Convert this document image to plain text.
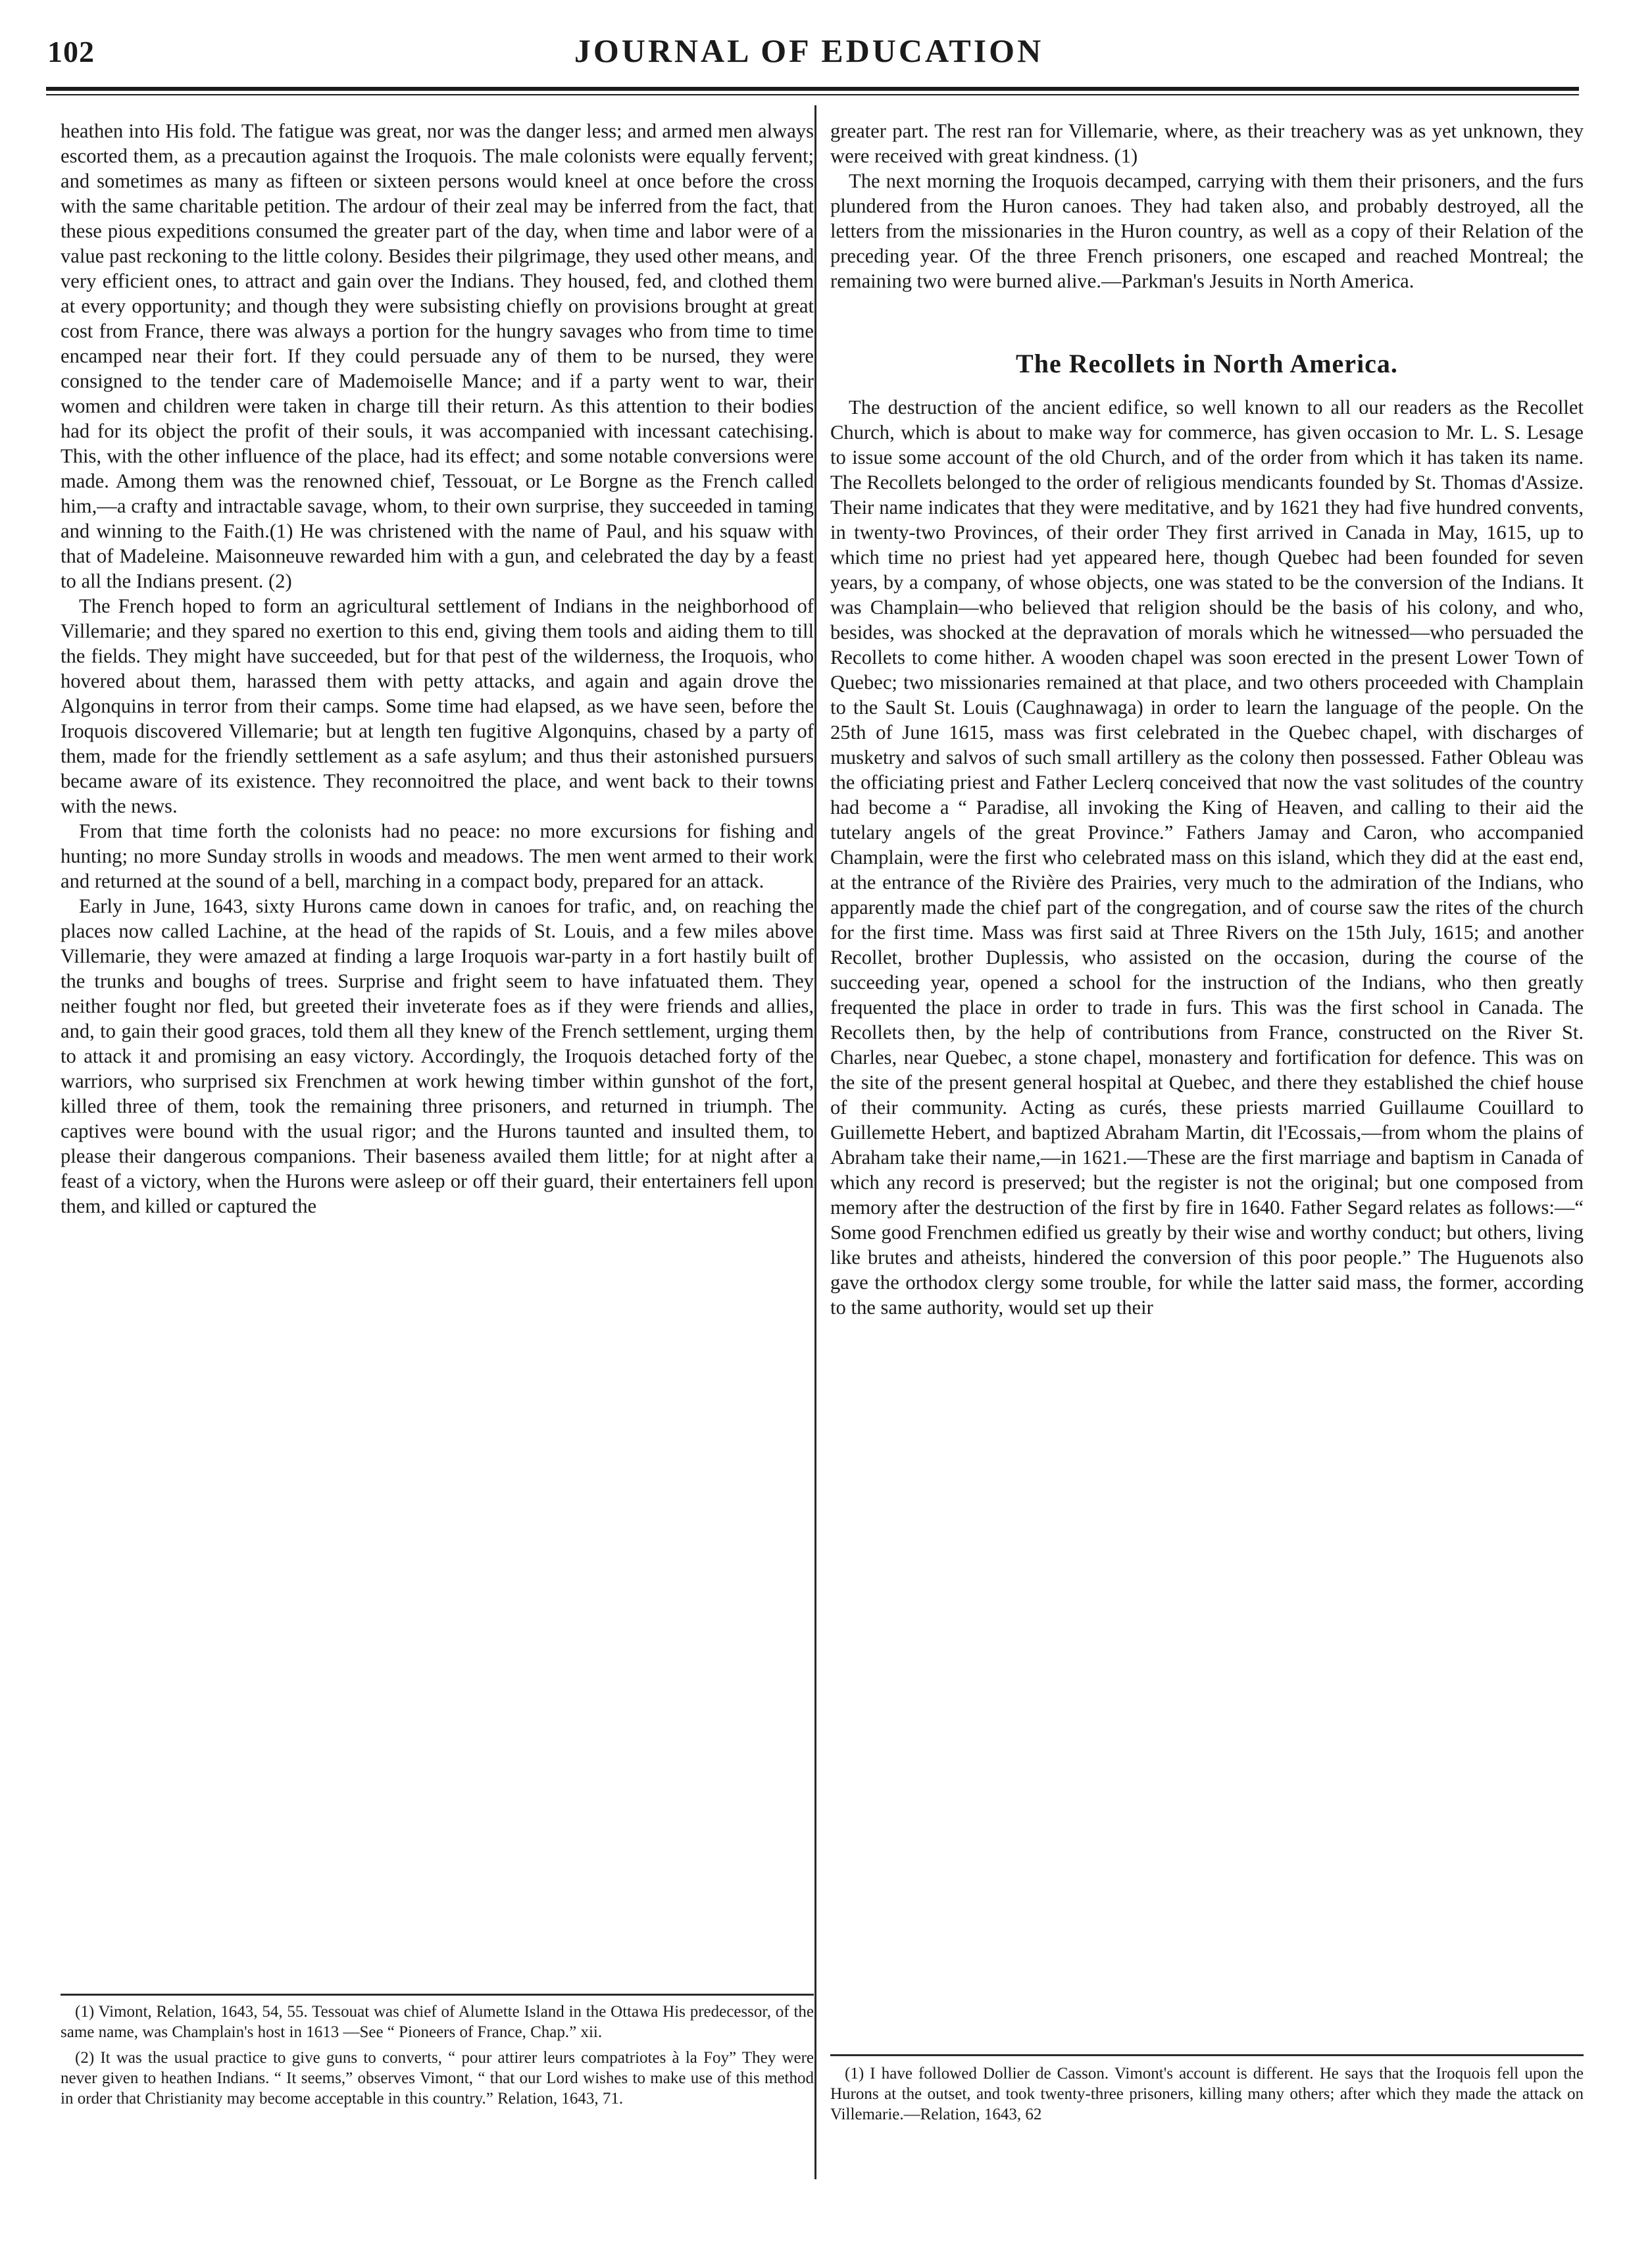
102	JOURNAL OF EDUCATION

heathen into His fold. The fatigue was great, nor was the danger less; and armed men always escorted them, as a precaution against the Iroquois. The male colonists were equally fervent; and sometimes as many as fifteen or sixteen persons would kneel at once before the cross with the same charitable petition. The ardour of their zeal may be inferred from the fact, that these pious expeditions consumed the greater part of the day, when time and labor were of a value past reckoning to the little colony. Besides their pilgrimage, they used other means, and very efficient ones, to attract and gain over the Indians. They housed, fed, and clothed them at every opportunity; and though they were subsisting chiefly on provisions brought at great cost from France, there was always a portion for the hungry savages who from time to time encamped near their fort. If they could persuade any of them to be nursed, they were consigned to the tender care of Mademoiselle Mance; and if a party went to war, their women and children were taken in charge till their return. As this attention to their bodies had for its object the profit of their souls, it was accompanied with incessant catechising. This, with the other influence of the place, had its effect; and some notable conversions were made. Among them was the renowned chief, Tessouat, or Le Borgne as the French called him,—a crafty and intractable savage, whom, to their own surprise, they succeeded in taming and winning to the Faith.(1) He was christened with the name of Paul, and his squaw with that of Madeleine. Maisonneuve rewarded him with a gun, and celebrated the day by a feast to all the Indians present. (2)

The French hoped to form an agricultural settlement of Indians in the neighborhood of Villemarie; and they spared no exertion to this end, giving them tools and aiding them to till the fields. They might have succeeded, but for that pest of the wilderness, the Iroquois, who hovered about them, harassed them with petty attacks, and again and again drove the Algonquins in terror from their camps. Some time had elapsed, as we have seen, before the Iroquois discovered Villemarie; but at length ten fugitive Algonquins, chased by a party of them, made for the friendly settlement as a safe asylum; and thus their astonished pursuers became aware of its existence. They reconnoitred the place, and went back to their towns with the news.

From that time forth the colonists had no peace: no more excursions for fishing and hunting; no more Sunday strolls in woods and meadows. The men went armed to their work and returned at the sound of a bell, marching in a compact body, prepared for an attack.

Early in June, 1643, sixty Hurons came down in canoes for trafic, and, on reaching the places now called Lachine, at the head of the rapids of St. Louis, and a few miles above Villemarie, they were amazed at finding a large Iroquois war-party in a fort hastily built of the trunks and boughs of trees. Surprise and fright seem to have infatuated them. They neither fought nor fled, but greeted their inveterate foes as if they were friends and allies, and, to gain their good graces, told them all they knew of the French settlement, urging them to attack it and promising an easy victory. Accordingly, the Iroquois detached forty of the warriors, who surprised six Frenchmen at work hewing timber within gunshot of the fort, killed three of them, took the remaining three prisoners, and returned in triumph. The captives were bound with the usual rigor; and the Hurons taunted and insulted them, to please their dangerous companions. Their baseness availed them little; for at night after a feast of a victory, when the Hurons were asleep or off their guard, their entertainers fell upon them, and killed or captured the

greater part. The rest ran for Villemarie, where, as their treachery was as yet unknown, they were received with great kindness. (1)

The next morning the Iroquois decamped, carrying with them their prisoners, and the furs plundered from the Huron canoes. They had taken also, and probably destroyed, all the letters from the missionaries in the Huron country, as well as a copy of their Relation of the preceding year. Of the three French prisoners, one escaped and reached Montreal; the remaining two were burned alive.—Parkman's Jesuits in North America.

The Recollets in North America.

The destruction of the ancient edifice, so well known to all our readers as the Recollet Church, which is about to make way for commerce, has given occasion to Mr. L. S. Lesage to issue some account of the old Church, and of the order from which it has taken its name. The Recollets belonged to the order of religious mendicants founded by St. Thomas d'Assize. Their name indicates that they were meditative, and by 1621 they had five hundred convents, in twenty-two Provinces, of their order They first arrived in Canada in May, 1615, up to which time no priest had yet appeared here, though Quebec had been founded for seven years, by a company, of whose objects, one was stated to be the conversion of the Indians. It was Champlain—who believed that religion should be the basis of his colony, and who, besides, was shocked at the depravation of morals which he witnessed—who persuaded the Recollets to come hither. A wooden chapel was soon erected in the present Lower Town of Quebec; two missionaries remained at that place, and two others proceeded with Champlain to the Sault St. Louis (Caughnawaga) in order to learn the language of the people. On the 25th of June 1615, mass was first celebrated in the Quebec chapel, with discharges of musketry and salvos of such small artillery as the colony then possessed. Father Obleau was the officiating priest and Father Leclerq conceived that now the vast solitudes of the country had become a “ Paradise, all invoking the King of Heaven, and calling to their aid the tutelary angels of the great Province.” Fathers Jamay and Caron, who accompanied Champlain, were the first who celebrated mass on this island, which they did at the east end, at the entrance of the Rivière des Prairies, very much to the admiration of the Indians, who apparently made the chief part of the congregation, and of course saw the rites of the church for the first time. Mass was first said at Three Rivers on the 15th July, 1615; and another Recollet, brother Duplessis, who assisted on the occasion, during the course of the succeeding year, opened a school for the instruction of the Indians, who then greatly frequented the place in order to trade in furs. This was the first school in Canada. The Recollets then, by the help of contributions from France, constructed on the River St. Charles, near Quebec, a stone chapel, monastery and fortification for defence. This was on the site of the present general hospital at Quebec, and there they established the chief house of their community. Acting as curés, these priests married Guillaume Couillard to Guillemette Hebert, and baptized Abraham Martin, dit l'Ecossais,—from whom the plains of Abraham take their name,—in 1621.—These are the first marriage and baptism in Canada of which any record is preserved; but the register is not the original; but one composed from memory after the destruction of the first by fire in 1640. Father Segard relates as follows:—“ Some good Frenchmen edified us greatly by their wise and worthy conduct; but others, living like brutes and atheists, hindered the conversion of this poor people.” The Huguenots also gave the orthodox clergy some trouble, for while the latter said mass, the former, according to the same authority, would set up their

(1) Vimont, Relation, 1643, 54, 55. Tessouat was chief of Alumette Island in the Ottawa His predecessor, of the same name, was Champlain's host in 1613 —See “ Pioneers of France, Chap.” xii.

(2) It was the usual practice to give guns to converts, “ pour attirer leurs compatriotes à la Foy” They were never given to heathen Indians. “ It seems,” observes Vimont, “ that our Lord wishes to make use of this method in order that Christianity may become acceptable in this country.” Relation, 1643, 71.

(1) I have followed Dollier de Casson. Vimont's account is different. He says that the Iroquois fell upon the Hurons at the outset, and took twenty-three prisoners, killing many others; after which they made the attack on Villemarie.—Relation, 1643, 62
